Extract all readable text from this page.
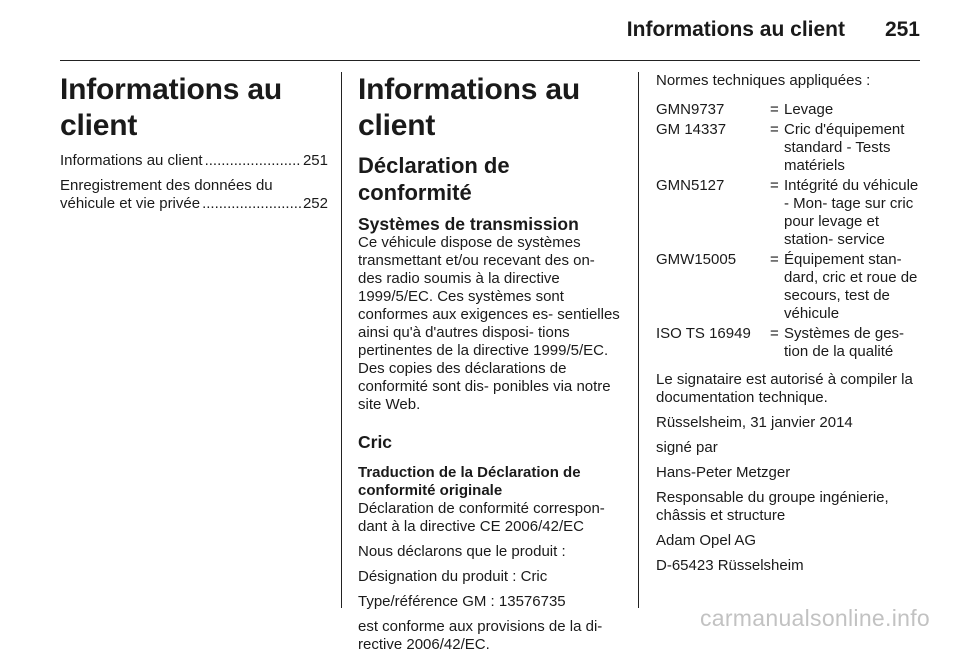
Informations au client 251
Informations au client
Informations au client .....	251
Enregistrement des données du
véhicule et vie privée .....	252
Informations au client
Déclaration de conformité
Systèmes de transmission

Ce véhicule dispose de systèmes transmettant et/ou recevant des on- des radio soumis à la directive 1999/5/EC. Ces systèmes sont conformes aux exigences es- sentielles ainsi qu'à d'autres disposi- tions pertinentes de la directive 1999/5/EC. Des copies des déclarations de conformité sont dis- ponibles via notre site Web.

Cric
Traduction de la Déclaration de conformité originale

Déclaration de conformité correspon- dant à la directive CE 2006/42/EC

Nous déclarons que le produit :

Désignation du produit : Cric

Type/référence GM : 13576735

est conforme aux provisions de la di- rective 2006/42/EC.

Normes techniques appliquées :

GMN9737	= Levage
GM 14337	= Cric d'équipement standard - Tests matériels
GMN5127	= Intégrité du véhicule - Mon- tage sur cric pour levage et station- service
GMW15005	= Équipement stan- dard, cric et roue de secours, test de véhicule
ISO TS 16949	= Systèmes de ges- tion de la qualité

Le signataire est autorisé à compiler la documentation technique.

Rüsselsheim, 31 janvier 2014

signé par

Hans-Peter Metzger

Responsable du groupe ingénierie, châssis et structure

Adam Opel AG

D-65423 Rüsselsheim

carmanualsonline.info
